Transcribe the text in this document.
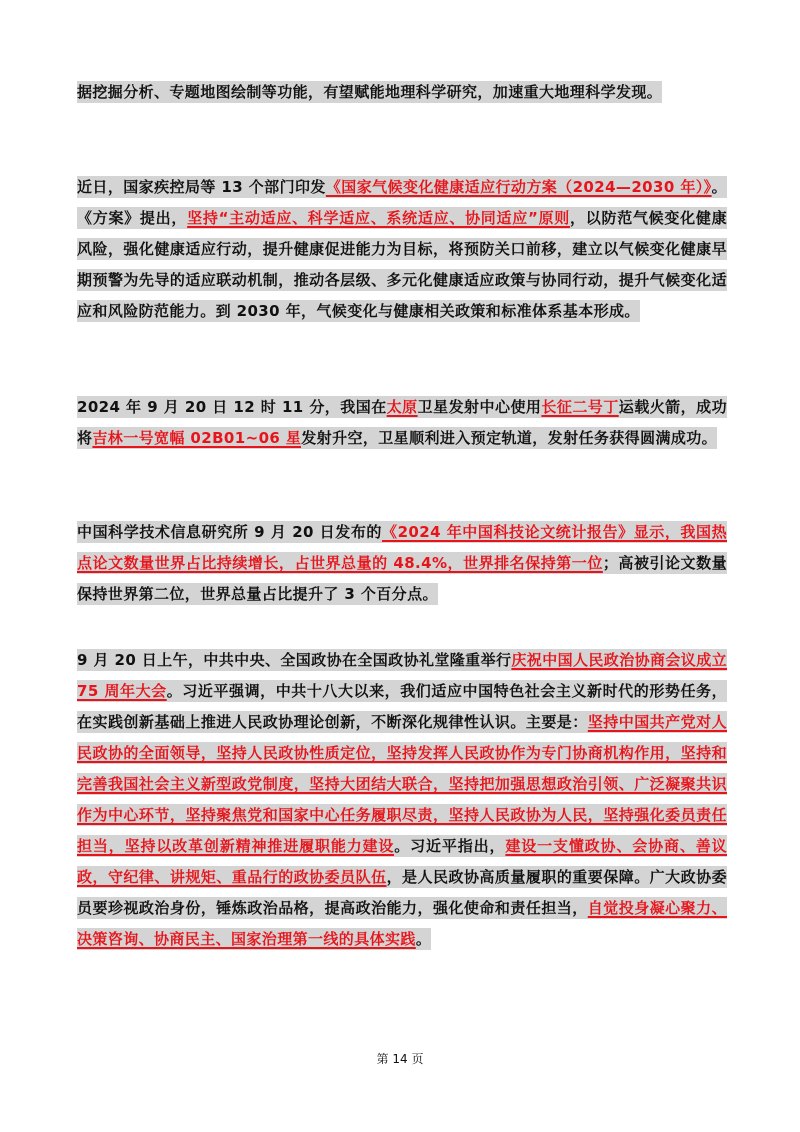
据挖掘分析、专题地图绘制等功能，有望赋能地理科学研究，加速重大地理科学发现。
近日，国家疾控局等 13 个部门印发《国家气候变化健康适应行动方案（2024—2030 年）》。《方案》提出，坚持“主动适应、科学适应、系统适应、协同适应”原则，以防范气候变化健康风险，强化健康适应行动，提升健康促进能力为目标，将预防关口前移，建立以气候变化健康早期预警为先导的适应联动机制，推动各层级、多元化健康适应政策与协同行动，提升气候变化适应和风险防范能力。到 2030 年，气候变化与健康相关政策和标准体系基本形成。
2024 年 9 月 20 日 12 时 11 分，我国在太原卫星发射中心使用长征二号丁运载火箭，成功将吉林一号宽幅 02B01~06 星发射升空，卫星顺利进入预定轨道，发射任务获得圆满成功。
中国科学技术信息研究所 9 月 20 日发布的《2024 年中国科技论文统计报告》显示，我国热点论文数量世界占比持续增长，占世界总量的 48.4%，世界排名保持第一位；高被引论文数量保持世界第二位，世界总量占比提升了 3 个百分点。
9 月 20 日上午，中共中央、全国政协在全国政协礼堂隆重举行庆祝中国人民政治协商会议成立 75 周年大会。习近平强调，中共十八大以来，我们适应中国特色社会主义新时代的形势任务，在实践创新基础上推进人民政协理论创新，不断深化规律性认识。主要是：坚持中国共产党对人民政协的全面领导，坚持人民政协性质定位，坚持发挥人民政协作为专门协商机构作用，坚持和完善我国社会主义新型政党制度，坚持大团结大联合，坚持把加强思想政治引领、广泛凝聚共识作为中心环节，坚持聚焦党和国家中心任务履职尽责，坚持人民政协为人民，坚持强化委员责任担当，坚持以改革创新精神推进履职能力建设。习近平指出，建设一支懂政协、会协商、善议政，守纪律、讲规矩、重品行的政协委员队伍，是人民政协高质量履职的重要保障。广大政协委员要珍视政治身份，锤炼政治品格，提高政治能力，强化使命和责任担当，自觉投身凝心聚力、决策咨询、协商民主、国家治理第一线的具体实践。
第 14 页
